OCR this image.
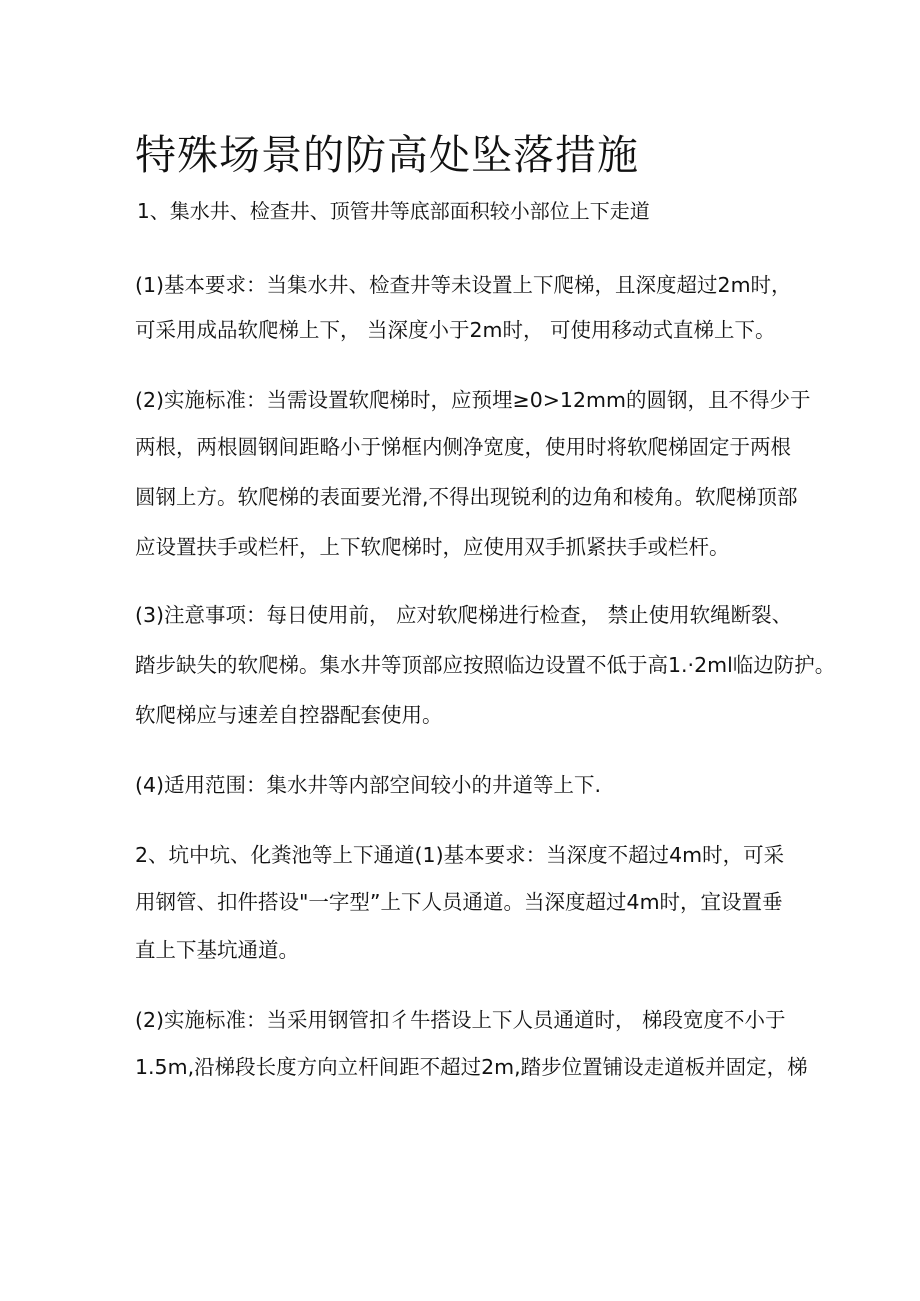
特殊场景的防高处坠落措施

1、集水井、检查井、顶管井等底部面积较小部位上下走道

(1)基本要求：当集水井、检查井等未设置上下爬梯，且深度超过2m时，

可采用成品软爬梯上下， 当深度小于2m时， 可使用移动式直梯上下。

(2)实施标准：当需设置软爬梯时，应预埋≥0>12mm的圆钢，且不得少于

两根，两根圆钢间距略小于悌框内侧净宽度，使用时将软爬梯固定于两根

圆钢上方。软爬梯的表面要光滑,不得出现锐利的边角和棱角。软爬梯顶部

应设置扶手或栏杆，上下软爬梯时，应使用双手抓紧扶手或栏杆。

(3)注意事项：每日使用前， 应对软爬梯进行检查， 禁止使用软绳断裂、

踏步缺失的软爬梯。集水井等顶部应按照临边设置不低于高1.·2ml临边防护。

软爬梯应与速差自控器配套使用。

(4)适用范围：集水井等内部空间较小的井道等上下.

2、坑中坑、化粪池等上下通道(1)基本要求：当深度不超过4m时，可采

用钢管、扣件搭设"一字型”上下人员通道。当深度超过4m时，宜设置垂

直上下基坑通道。

(2)实施标准：当采用钢管扣彳牛搭设上下人员通道时， 梯段宽度不小于

1.5m,沿梯段长度方向立杆间距不超过2m,踏步位置铺设走道板并固定，梯
